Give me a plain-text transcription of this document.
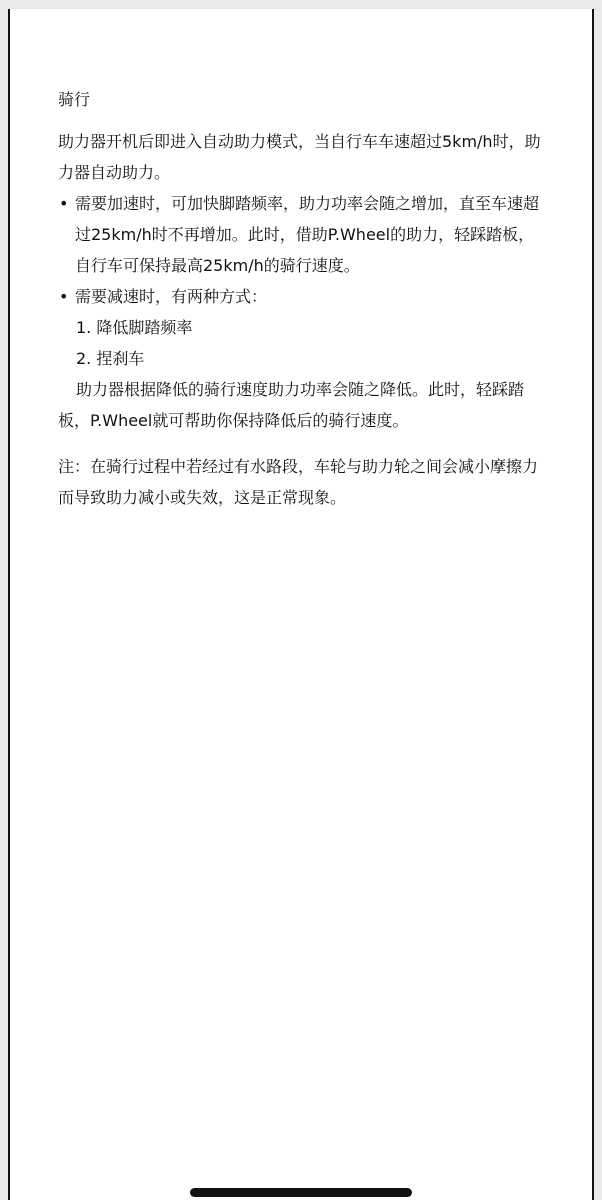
骑行

助力器开机后即进入自动助力模式，当自行车车速超过5km/h时，助力器自动助力。

• 需要加速时，可加快脚踏频率，助力功率会随之增加，直至车速超过25km/h时不再增加。此时，借助P.Wheel的助力，轻踩踏板，自行车可保持最高25km/h的骑行速度。
• 需要减速时，有两种方式：
1. 降低脚踏频率
2. 捏刹车

助力器根据降低的骑行速度助力功率会随之降低。此时，轻踩踏板，P.Wheel就可帮助你保持降低后的骑行速度。

注：在骑行过程中若经过有水路段，车轮与助力轮之间会减小摩擦力而导致助力减小或失效，这是正常现象。
